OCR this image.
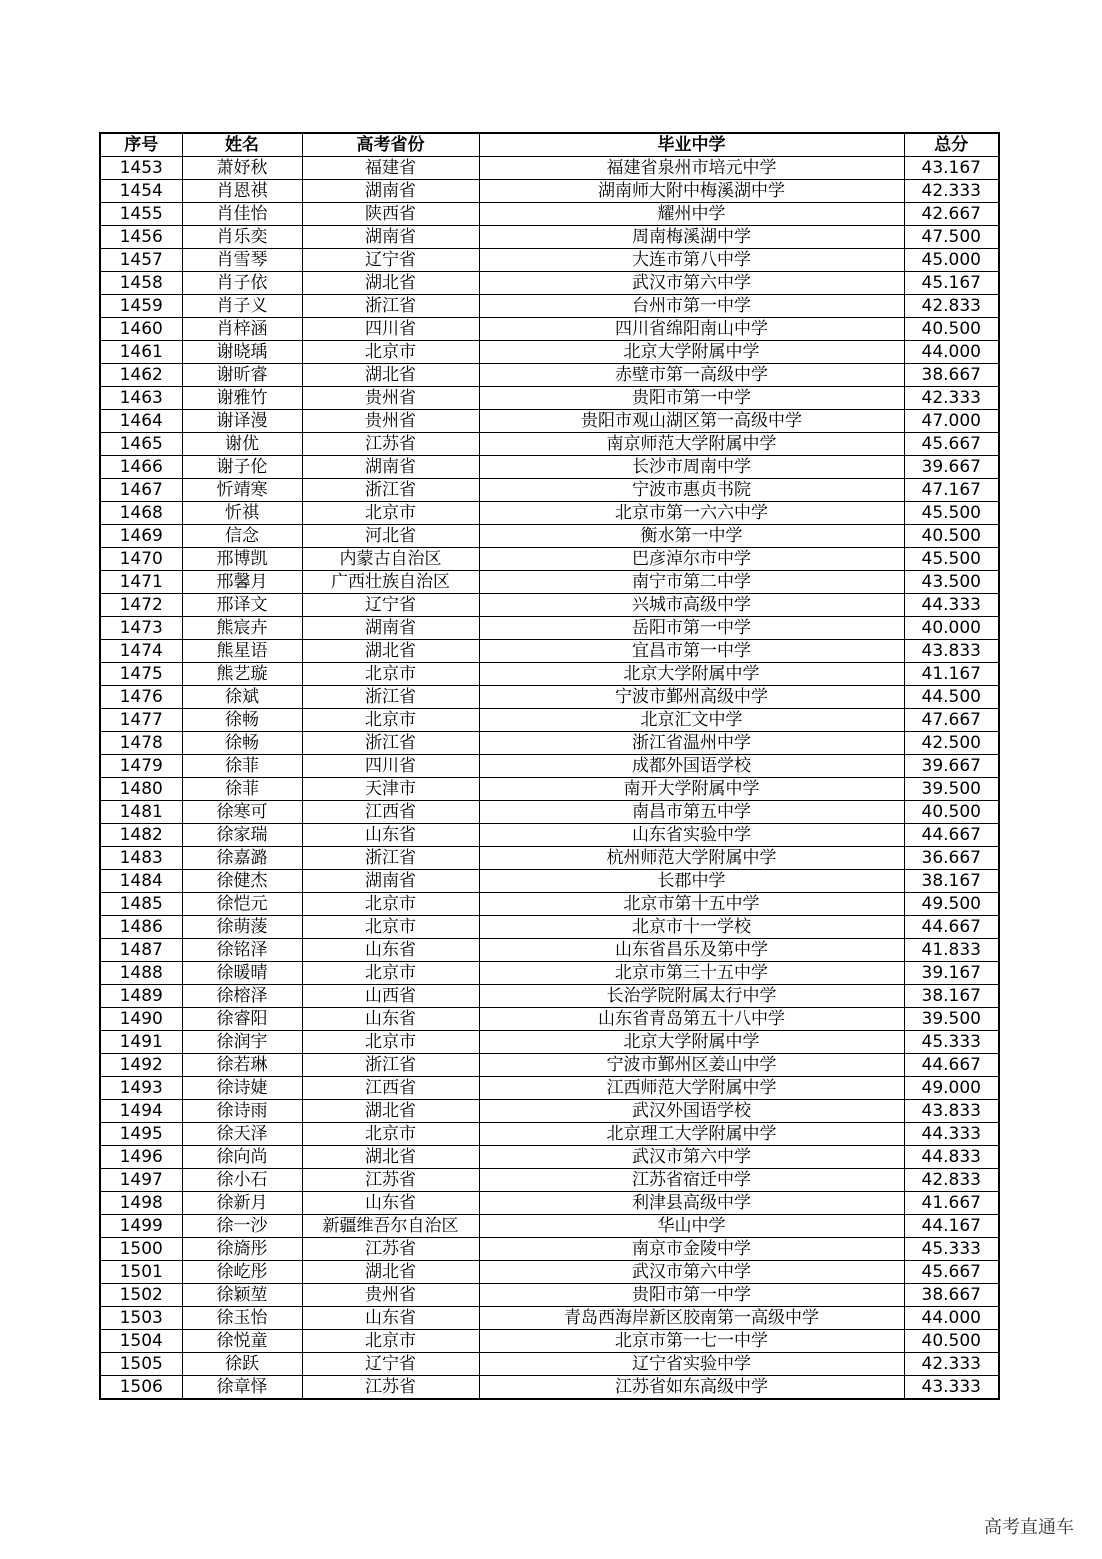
序号	姓名	高考省份	毕业中学	总分
1453	萧妤秋	福建省	福建省泉州市培元中学	43.167
1454	肖恩祺	湖南省	湖南师大附中梅溪湖中学	42.333
1455	肖佳怡	陕西省	耀州中学	42.667
1456	肖乐奕	湖南省	周南梅溪湖中学	47.500
1457	肖雪琴	辽宁省	大连市第八中学	45.000
1458	肖子依	湖北省	武汉市第六中学	45.167
1459	肖子义	浙江省	台州市第一中学	42.833
1460	肖梓涵	四川省	四川省绵阳南山中学	40.500
1461	谢晓瑀	北京市	北京大学附属中学	44.000
1462	谢昕睿	湖北省	赤壁市第一高级中学	38.667
1463	谢雅竹	贵州省	贵阳市第一中学	42.333
1464	谢译漫	贵州省	贵阳市观山湖区第一高级中学	47.000
1465	谢优	江苏省	南京师范大学附属中学	45.667
1466	谢子伦	湖南省	长沙市周南中学	39.667
1467	忻靖寒	浙江省	宁波市惠贞书院	47.167
1468	忻祺	北京市	北京市第一六六中学	45.500
1469	信念	河北省	衡水第一中学	40.500
1470	邢博凯	内蒙古自治区	巴彦淖尔市中学	45.500
1471	邢馨月	广西壮族自治区	南宁市第二中学	43.500
1472	邢译文	辽宁省	兴城市高级中学	44.333
1473	熊宸卉	湖南省	岳阳市第一中学	40.000
1474	熊星语	湖北省	宜昌市第一中学	43.833
1475	熊艺璇	北京市	北京大学附属中学	41.167
1476	徐斌	浙江省	宁波市鄞州高级中学	44.500
1477	徐畅	北京市	北京汇文中学	47.667
1478	徐畅	浙江省	浙江省温州中学	42.500
1479	徐菲	四川省	成都外国语学校	39.667
1480	徐菲	天津市	南开大学附属中学	39.500
1481	徐寒可	江西省	南昌市第五中学	40.500
1482	徐家瑞	山东省	山东省实验中学	44.667
1483	徐嘉潞	浙江省	杭州师范大学附属中学	36.667
1484	徐健杰	湖南省	长郡中学	38.167
1485	徐恺元	北京市	北京市第十五中学	49.500
1486	徐萌蔆	北京市	北京市十一学校	44.667
1487	徐铭泽	山东省	山东省昌乐及第中学	41.833
1488	徐暖晴	北京市	北京市第三十五中学	39.167
1489	徐榕泽	山西省	长治学院附属太行中学	38.167
1490	徐睿阳	山东省	山东省青岛第五十八中学	39.500
1491	徐润宇	北京市	北京大学附属中学	45.333
1492	徐若琳	浙江省	宁波市鄞州区姜山中学	44.667
1493	徐诗婕	江西省	江西师范大学附属中学	49.000
1494	徐诗雨	湖北省	武汉外国语学校	43.833
1495	徐天泽	北京市	北京理工大学附属中学	44.333
1496	徐向尚	湖北省	武汉市第六中学	44.833
1497	徐小石	江苏省	江苏省宿迁中学	42.833
1498	徐新月	山东省	利津县高级中学	41.667
1499	徐一沙	新疆维吾尔自治区	华山中学	44.167
1500	徐旖彤	江苏省	南京市金陵中学	45.333
1501	徐屹彤	湖北省	武汉市第六中学	45.667
1502	徐颖堃	贵州省	贵阳市第一中学	38.667
1503	徐玉怡	山东省	青岛西海岸新区胶南第一高级中学	44.000
1504	徐悦童	北京市	北京市第一七一中学	40.500
1505	徐跃	辽宁省	辽宁省实验中学	42.333
1506	徐章怿	江苏省	江苏省如东高级中学	43.333
高考直通车
